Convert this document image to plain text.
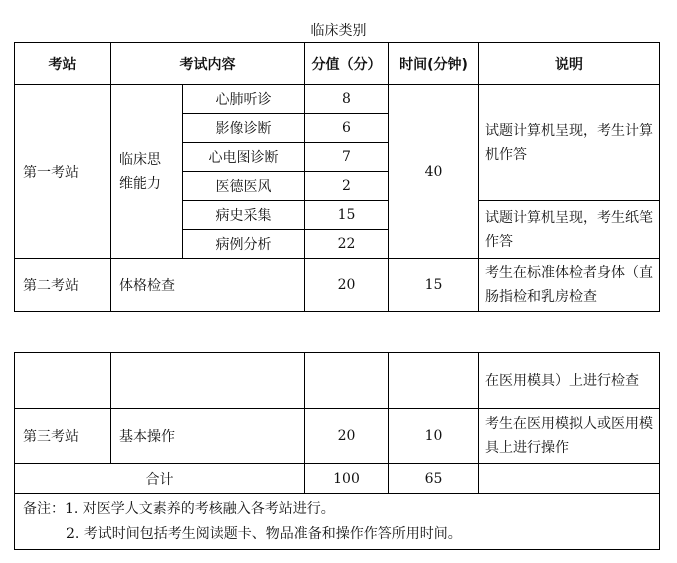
临床类别
考站	考试内容		分值（分）	时间(分钟)	说明
第一考站	临床思维能力	心肺听诊	8	40	试题计算机呈现，考生计算机作答
		影像诊断	6		
		心电图诊断	7		
		医德医风	2		
		病史采集	15		试题计算机呈现，考生纸笔作答
		病例分析	22		
第二考站	体格检查		20	15	考生在标准体检者身体（直肠指检和乳房检查
				在医用模具）上进行检查
第三考站	基本操作	20	10	考生在医用模拟人或医用模具上进行操作
合计		100	65	

备注：1. 对医学人文素养的考核融入各考站进行。
2. 考试时间包括考生阅读题卡、物品准备和操作作答所用时间。				
